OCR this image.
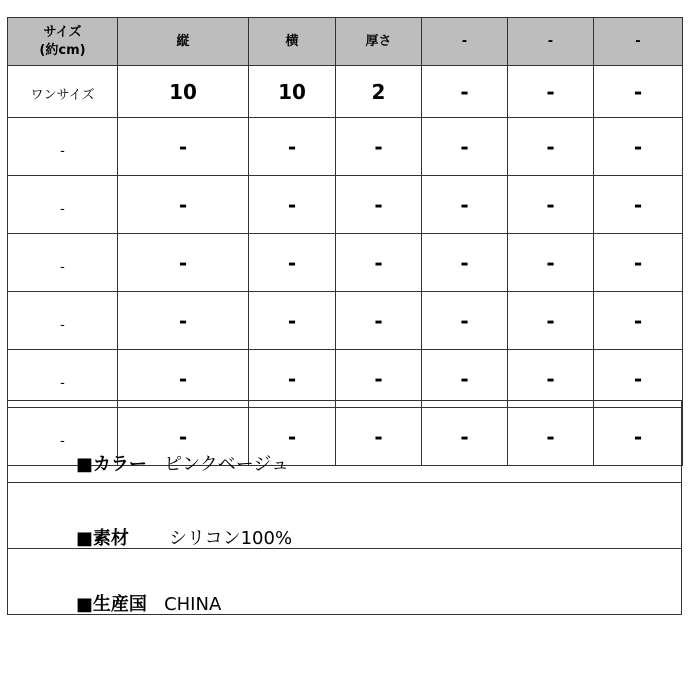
サイズ
(約cm)	縦	横	厚さ	-	-	-
ワンサイズ	10	10	2	-	-	-
-	-	-	-	-	-	-
-	-	-	-	-	-	-
-	-	-	-	-	-	-
-	-	-	-	-	-	-
-	-	-	-	-	-	-
-	-	-	-	-	-	-

■カラー ピンクベージュ

■素材 シリコン100%

■生産国 CHINA
